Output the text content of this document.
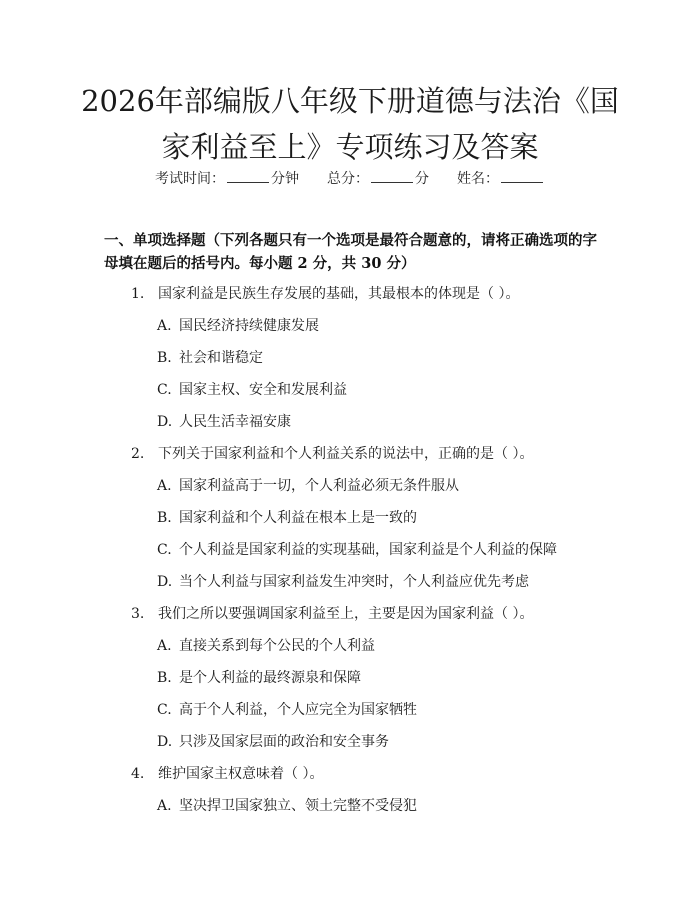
2026年部编版八年级下册道德与法治《国家利益至上》专项练习及答案
考试时间：	分钟 总分：	分 姓名：
一、单项选择题（下列各题只有一个选项是最符合题意的，请将正确选项的字母填在题后的括号内。每小题 2 分，共 30 分）
1. 国家利益是民族生存发展的基础，其最根本的体现是（ ）。
A. 国民经济持续健康发展
B. 社会和谐稳定
C. 国家主权、安全和发展利益
D. 人民生活幸福安康
2. 下列关于国家利益和个人利益关系的说法中，正确的是（ ）。
A. 国家利益高于一切，个人利益必须无条件服从
B. 国家利益和个人利益在根本上是一致的
C. 个人利益是国家利益的实现基础，国家利益是个人利益的保障
D. 当个人利益与国家利益发生冲突时，个人利益应优先考虑
3. 我们之所以要强调国家利益至上，主要是因为国家利益（ ）。
A. 直接关系到每个公民的个人利益
B. 是个人利益的最终源泉和保障
C. 高于个人利益，个人应完全为国家牺牲
D. 只涉及国家层面的政治和安全事务
4. 维护国家主权意味着（ ）。
A. 坚决捍卫国家独立、领土完整不受侵犯
